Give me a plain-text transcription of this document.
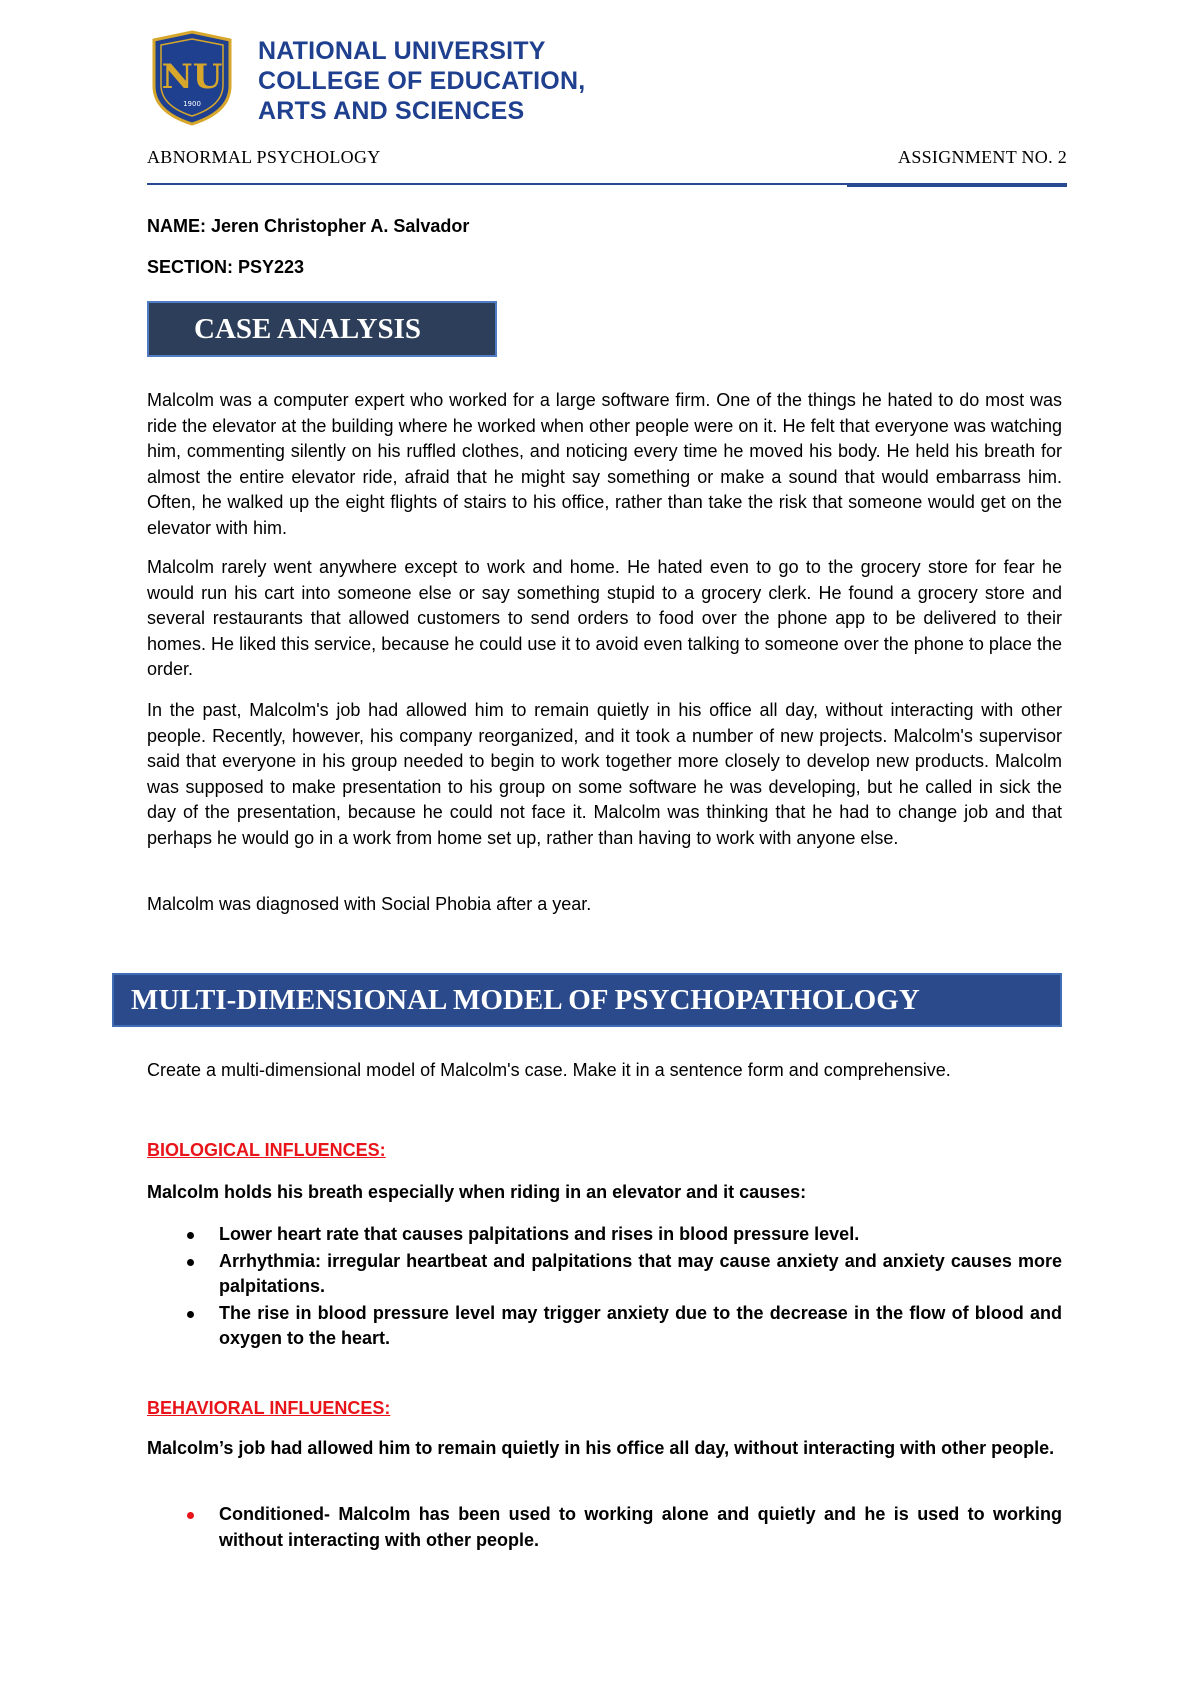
NU
1900
NATIONAL UNIVERSITY
COLLEGE OF EDUCATION,
ARTS AND SCIENCES
ABNORMAL PSYCHOLOGY	ASSIGNMENT NO. 2
NAME: Jeren Christopher A. Salvador
SECTION: PSY223
CASE ANALYSIS
Malcolm was a computer expert who worked for a large software firm. One of the things he hated to do most was ride the elevator at the building where he worked when other people were on it. He felt that everyone was watching him, commenting silently on his ruffled clothes, and noticing every time he moved his body. He held his breath for almost the entire elevator ride, afraid that he might say something or make a sound that would embarrass him. Often, he walked up the eight flights of stairs to his office, rather than take the risk that someone would get on the elevator with him.
Malcolm rarely went anywhere except to work and home. He hated even to go to the grocery store for fear he would run his cart into someone else or say something stupid to a grocery clerk. He found a grocery store and several restaurants that allowed customers to send orders to food over the phone app to be delivered to their homes. He liked this service, because he could use it to avoid even talking to someone over the phone to place the order.
In the past, Malcolm's job had allowed him to remain quietly in his office all day, without interacting with other people. Recently, however, his company reorganized, and it took a number of new projects. Malcolm's supervisor said that everyone in his group needed to begin to work together more closely to develop new products. Malcolm was supposed to make presentation to his group on some software he was developing, but he called in sick the day of the presentation, because he could not face it. Malcolm was thinking that he had to change job and that perhaps he would go in a work from home set up, rather than having to work with anyone else.
Malcolm was diagnosed with Social Phobia after a year.
MULTI-DIMENSIONAL MODEL OF PSYCHOPATHOLOGY
Create a multi-dimensional model of Malcolm's case. Make it in a sentence form and comprehensive.
BIOLOGICAL INFLUENCES:
Malcolm holds his breath especially when riding in an elevator and it causes:
Lower heart rate that causes palpitations and rises in blood pressure level.
Arrhythmia: irregular heartbeat and palpitations that may cause anxiety and anxiety causes more palpitations.
The rise in blood pressure level may trigger anxiety due to the decrease in the flow of blood and oxygen to the heart.
BEHAVIORAL INFLUENCES:
Malcolm’s job had allowed him to remain quietly in his office all day, without interacting with other people.
Conditioned- Malcolm has been used to working alone and quietly and he is used to working without interacting with other people.
